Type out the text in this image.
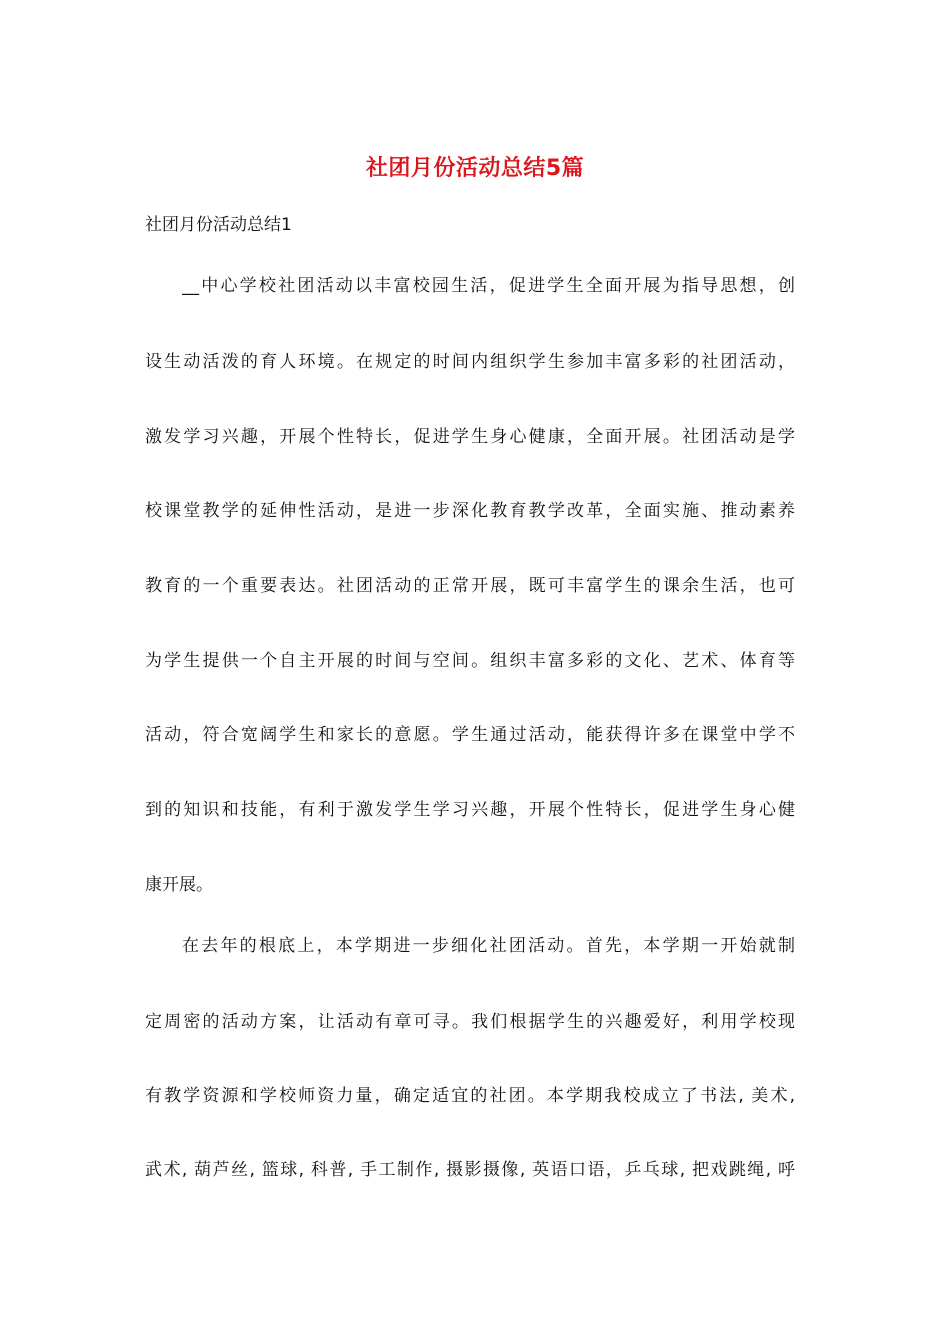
社团月份活动总结5篇
社团月份活动总结1
__中心学校社团活动以丰富校园生活，促进学生全面开展为指导思想，创
设生动活泼的育人环境。在规定的时间内组织学生参加丰富多彩的社团活动，
激发学习兴趣，开展个性特长，促进学生身心健康，全面开展。社团活动是学
校课堂教学的延伸性活动，是进一步深化教育教学改革，全面实施、推动素养
教育的一个重要表达。社团活动的正常开展，既可丰富学生的课余生活，也可
为学生提供一个自主开展的时间与空间。组织丰富多彩的文化、艺术、体育等
活动，符合宽阔学生和家长的意愿。学生通过活动，能获得许多在课堂中学不
到的知识和技能，有利于激发学生学习兴趣，开展个性特长，促进学生身心健
康开展。
在去年的根底上，本学期进一步细化社团活动。首先，本学期一开始就制
定周密的活动方案，让活动有章可寻。我们根据学生的兴趣爱好，利用学校现
有教学资源和学校师资力量，确定适宜的社团。本学期我校成立了书法, 美术,
武术, 葫芦丝, 篮球, 科普, 手工制作, 摄影摄像, 英语口语，乒乓球, 把戏跳绳, 呼
